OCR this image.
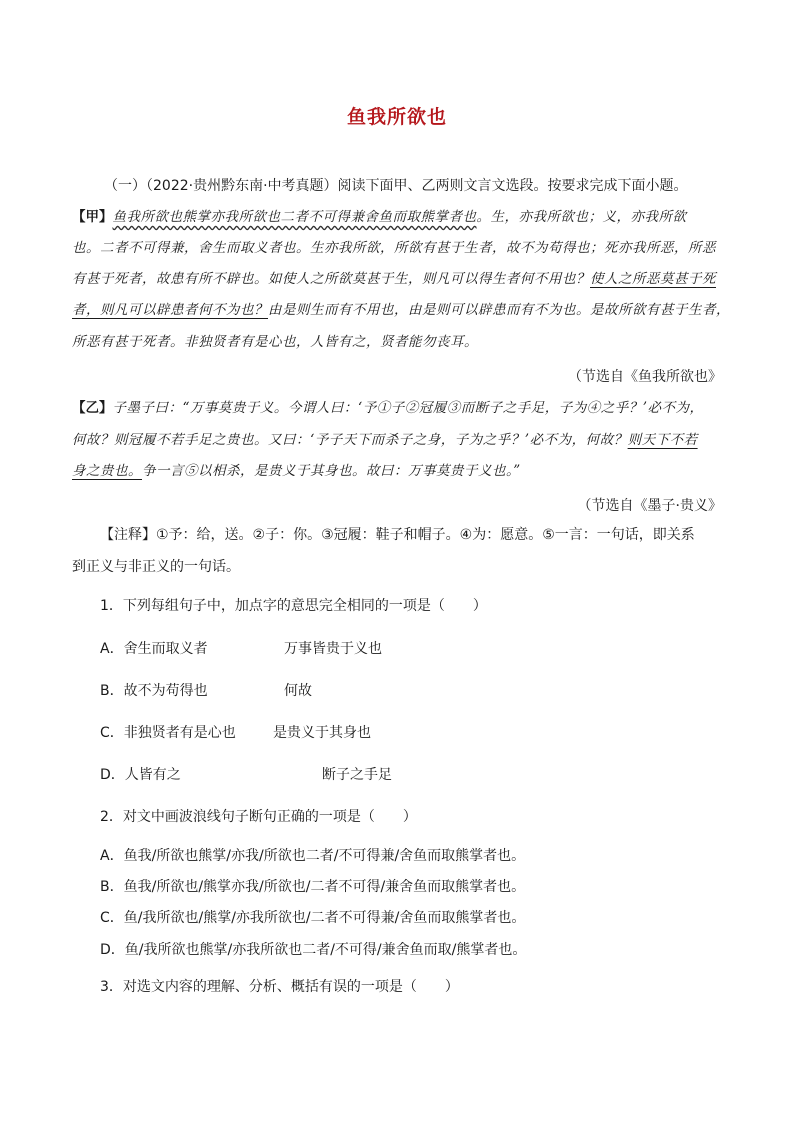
鱼我所欲也
（一）（2022·贵州黔东南·中考真题）阅读下面甲、乙两则文言文选段。按要求完成下面小题。
【甲】 鱼我所欲也熊掌亦我所欲也二者不可得兼舍鱼而取熊掌者也 。生，亦我所欲也；义，亦我所欲
也。二者不可得兼，舍生而取义者也。生亦我所欲，所欲有甚于生者，故不为苟得也；死亦我所恶，所恶
有甚于死者，故患有所不辟也。如使人之所欲莫甚于生，则凡可以得生者何不用也？ 使人之所恶莫甚于死
者，则凡可以辟患者何不为也？ 由是则生而有不用也，由是则可以辟患而有不为也。是故所欲有甚于生者，
所恶有甚于死者。非独贤者有是心也，人皆有之，贤者能勿丧耳。
（节选自《鱼我所欲也》
【乙】 子墨子曰：“万事莫贵于义。今谓人曰：‘予①子②冠履③而断子之手足，子为④之乎？’必不为，
何故？则冠履不若手足之贵也。又曰：‘予子天下而杀子之身，子为之乎？’必不为，何故？ 则天下不若
身之贵也。 争一言⑤以相杀，是贵义于其身也。故曰：万事莫贵于义也。”
（节选自《墨子·贵义》
【注释】①予：给，送。②子：你。③冠履：鞋子和帽子。④为：愿意。⑤一言：一句话，即关系
到正义与非正义的一句话。
1．下列每组句子中，加点字的意思完全相同的一项是（　　）
A．舍生而取义者	万事皆贵于义也
B．故不为苟得也	何故
C．非独贤者有是心也	是贵义于其身也
D．人皆有之	断子之手足
2．对文中画波浪线句子断句正确的一项是（　　）
A．鱼我/所欲也熊掌/亦我/所欲也二者/不可得兼/舍鱼而取熊掌者也。
B．鱼我/所欲也/熊掌亦我/所欲也/二者不可得/兼舍鱼而取熊掌者也。
C．鱼/我所欲也/熊掌/亦我所欲也/二者不可得兼/舍鱼而取熊掌者也。
D．鱼/我所欲也熊掌/亦我所欲也二者/不可得/兼舍鱼而取/熊掌者也。
3．对选文内容的理解、分析、概括有误的一项是（　　）
